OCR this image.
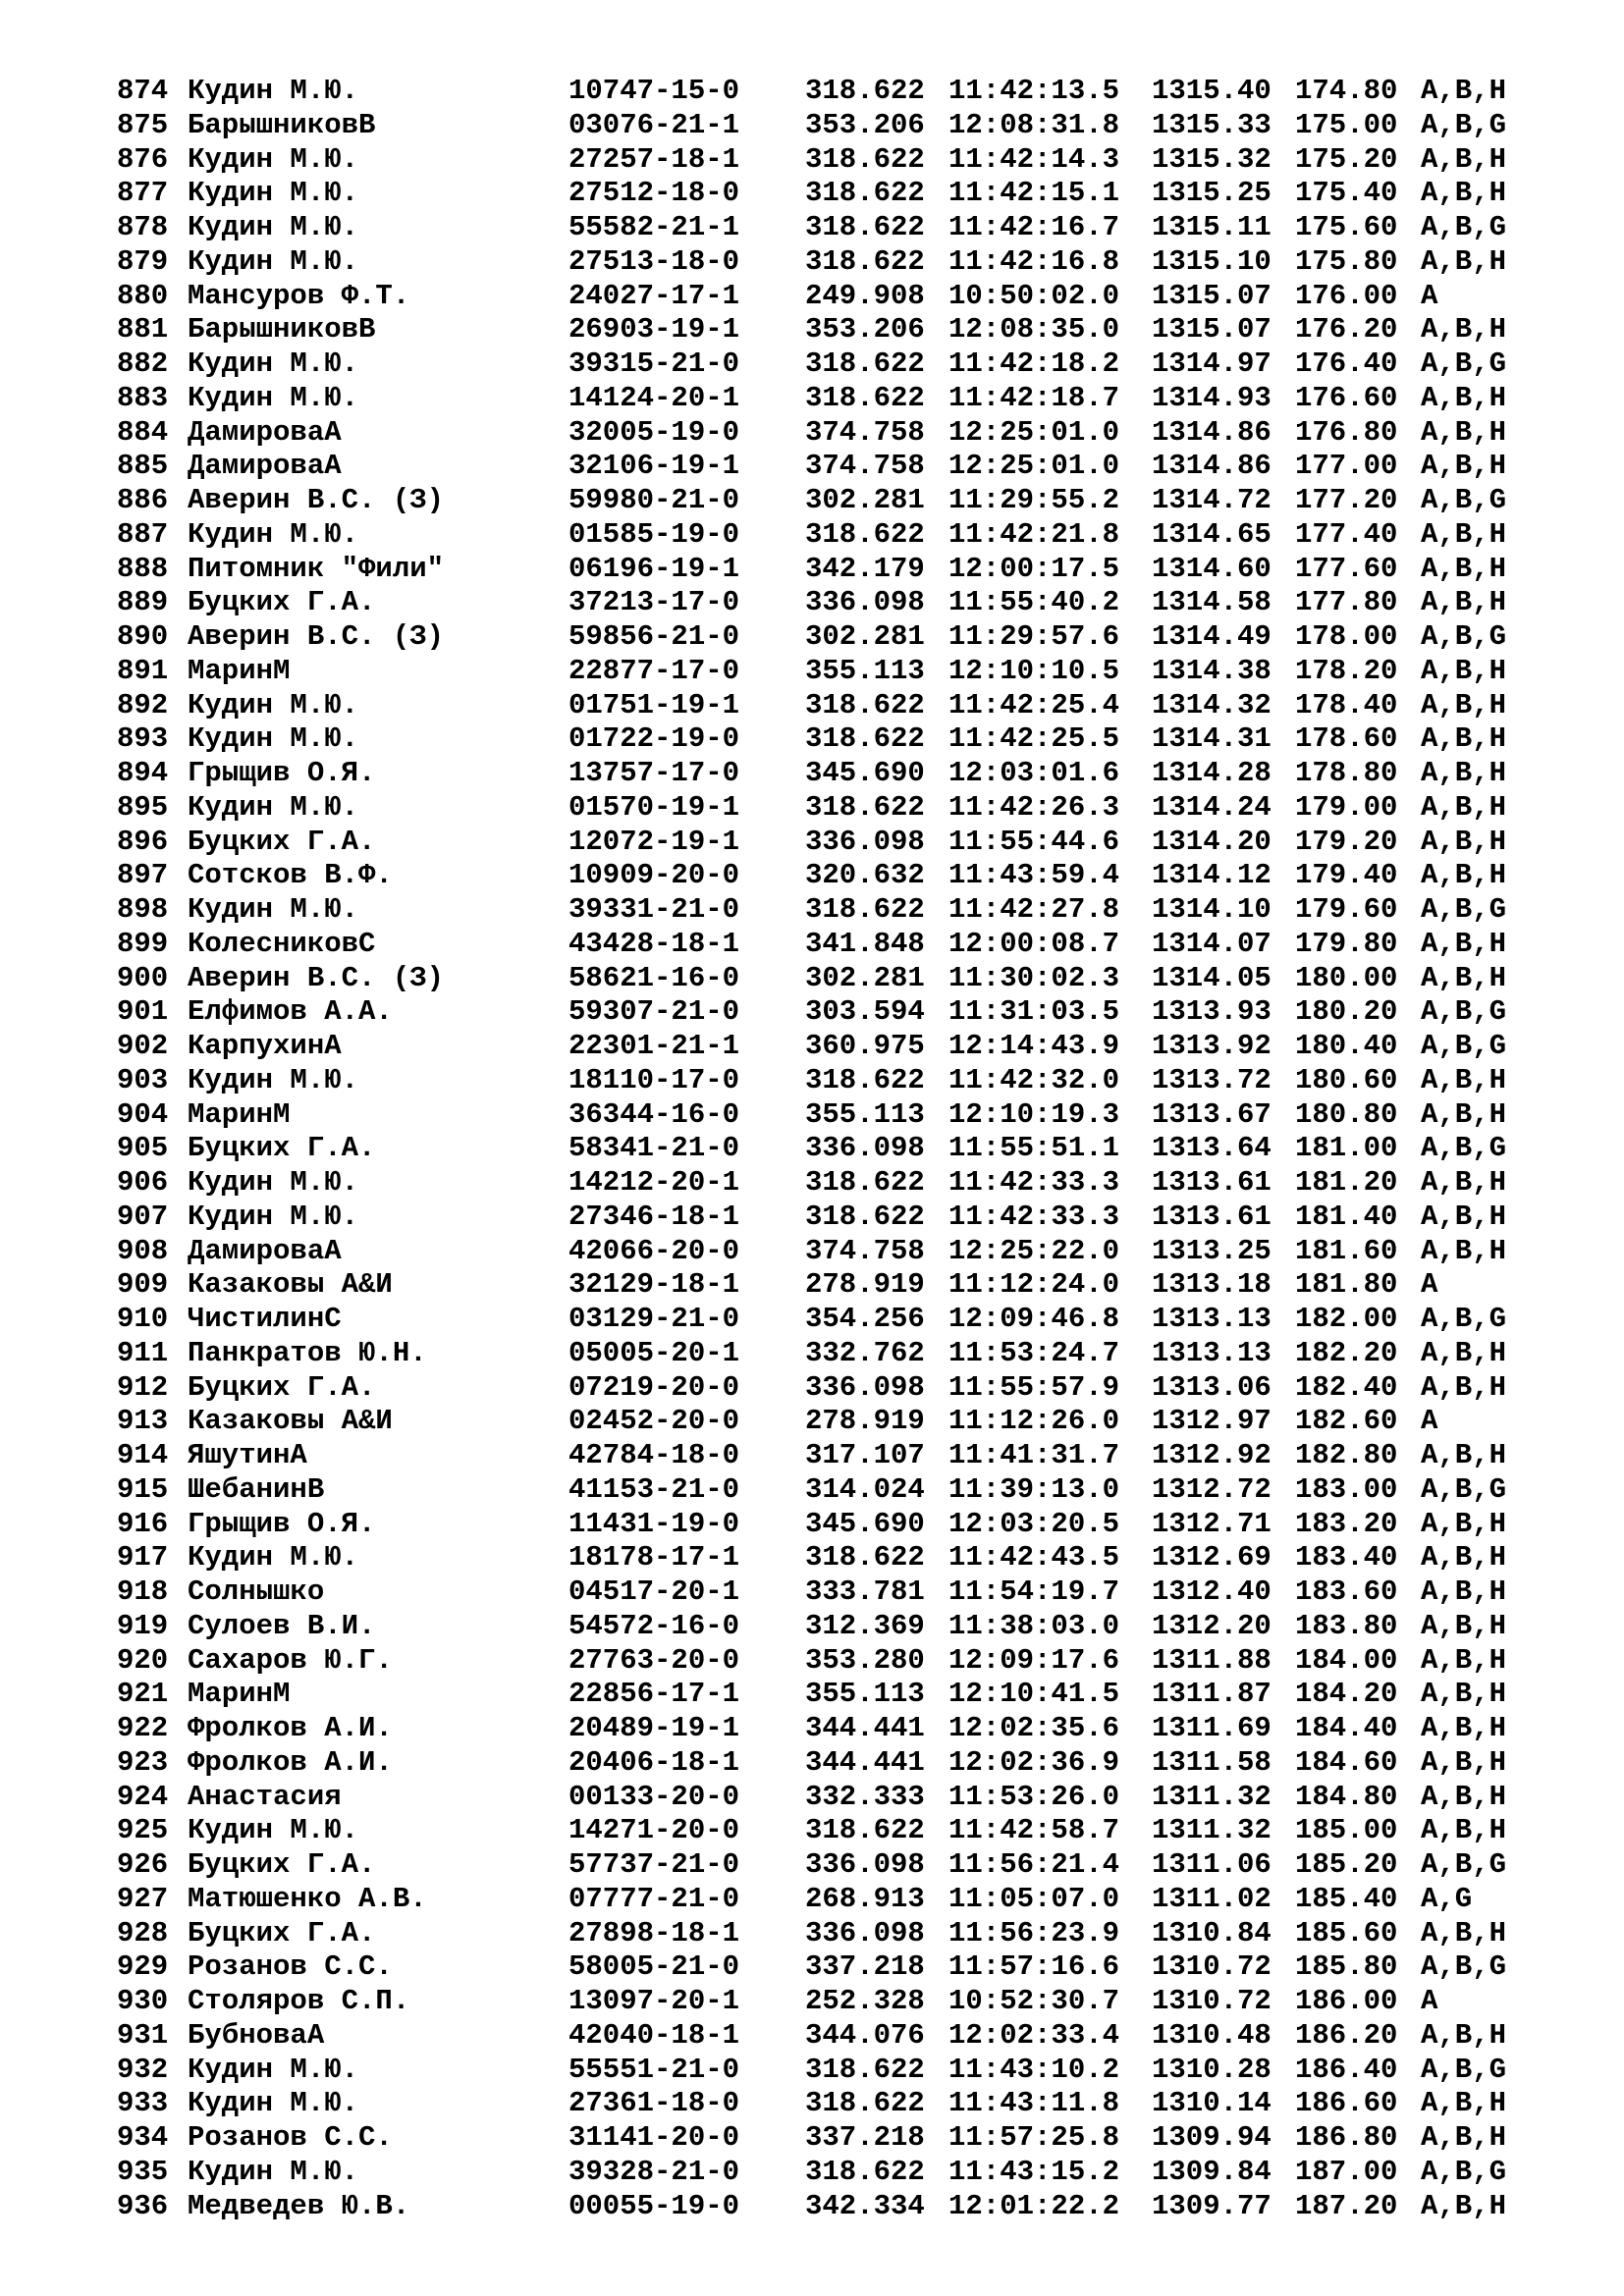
874 Кудин М.Ю.	10747-15-0	318.622 11:42:13.5	1315.40 174.80 A,B,H
875 БарышниковВ	03076-21-1	353.206 12:08:31.8	1315.33 175.00 A,B,G
876 Кудин М.Ю.	27257-18-1	318.622 11:42:14.3	1315.32 175.20 A,B,H
877 Кудин М.Ю.	27512-18-0	318.622 11:42:15.1	1315.25 175.40 A,B,H
878 Кудин М.Ю.	55582-21-1	318.622 11:42:16.7	1315.11 175.60 A,B,G
879 Кудин М.Ю.	27513-18-0	318.622 11:42:16.8	1315.10 175.80 A,B,H
880 Мансуров Ф.Т.	24027-17-1	249.908 10:50:02.0	1315.07 176.00 A
881 БарышниковВ	26903-19-1	353.206 12:08:35.0	1315.07 176.20 A,B,H
882 Кудин М.Ю.	39315-21-0	318.622 11:42:18.2	1314.97 176.40 A,B,G
883 Кудин М.Ю.	14124-20-1	318.622 11:42:18.7	1314.93 176.60 A,B,H
884 ДамироваА	32005-19-0	374.758 12:25:01.0	1314.86 176.80 A,B,H
885 ДамироваА	32106-19-1	374.758 12:25:01.0	1314.86 177.00 A,B,H
886 Аверин В.С. (З)	59980-21-0	302.281 11:29:55.2	1314.72 177.20 A,B,G
887 Кудин М.Ю.	01585-19-0	318.622 11:42:21.8	1314.65 177.40 A,B,H
888 Питомник "Фили"	06196-19-1	342.179 12:00:17.5	1314.60 177.60 A,B,H
889 Буцких Г.А.	37213-17-0	336.098 11:55:40.2	1314.58 177.80 A,B,H
890 Аверин В.С. (З)	59856-21-0	302.281 11:29:57.6	1314.49 178.00 A,B,G
891 МаринМ	22877-17-0	355.113 12:10:10.5	1314.38 178.20 A,B,H
892 Кудин М.Ю.	01751-19-1	318.622 11:42:25.4	1314.32 178.40 A,B,H
893 Кудин М.Ю.	01722-19-0	318.622 11:42:25.5	1314.31 178.60 A,B,H
894 Грыщив О.Я.	13757-17-0	345.690 12:03:01.6	1314.28 178.80 A,B,H
895 Кудин М.Ю.	01570-19-1	318.622 11:42:26.3	1314.24 179.00 A,B,H
896 Буцких Г.А.	12072-19-1	336.098 11:55:44.6	1314.20 179.20 A,B,H
897 Сотсков В.Ф.	10909-20-0	320.632 11:43:59.4	1314.12 179.40 A,B,H
898 Кудин М.Ю.	39331-21-0	318.622 11:42:27.8	1314.10 179.60 A,B,G
899 КолесниковС	43428-18-1	341.848 12:00:08.7	1314.07 179.80 A,B,H
900 Аверин В.С. (З)	58621-16-0	302.281 11:30:02.3	1314.05 180.00 A,B,H
901 Елфимов А.А.	59307-21-0	303.594 11:31:03.5	1313.93 180.20 A,B,G
902 КарпухинА	22301-21-1	360.975 12:14:43.9	1313.92 180.40 A,B,G
903 Кудин М.Ю.	18110-17-0	318.622 11:42:32.0	1313.72 180.60 A,B,H
904 МаринМ	36344-16-0	355.113 12:10:19.3	1313.67 180.80 A,B,H
905 Буцких Г.А.	58341-21-0	336.098 11:55:51.1	1313.64 181.00 A,B,G
906 Кудин М.Ю.	14212-20-1	318.622 11:42:33.3	1313.61 181.20 A,B,H
907 Кудин М.Ю.	27346-18-1	318.622 11:42:33.3	1313.61 181.40 A,B,H
908 ДамироваА	42066-20-0	374.758 12:25:22.0	1313.25 181.60 A,B,H
909 Казаковы А&И	32129-18-1	278.919 11:12:24.0	1313.18 181.80 A
910 ЧистилинС	03129-21-0	354.256 12:09:46.8	1313.13 182.00 A,B,G
911 Панкратов Ю.Н.	05005-20-1	332.762 11:53:24.7	1313.13 182.20 A,B,H
912 Буцких Г.А.	07219-20-0	336.098 11:55:57.9	1313.06 182.40 A,B,H
913 Казаковы А&И	02452-20-0	278.919 11:12:26.0	1312.97 182.60 A
914 ЯшутинА	42784-18-0	317.107 11:41:31.7	1312.92 182.80 A,B,H
915 ШебанинВ	41153-21-0	314.024 11:39:13.0	1312.72 183.00 A,B,G
916 Грыщив О.Я.	11431-19-0	345.690 12:03:20.5	1312.71 183.20 A,B,H
917 Кудин М.Ю.	18178-17-1	318.622 11:42:43.5	1312.69 183.40 A,B,H
918 Солнышко	04517-20-1	333.781 11:54:19.7	1312.40 183.60 A,B,H
919 Сулоев В.И.	54572-16-0	312.369 11:38:03.0	1312.20 183.80 A,B,H
920 Сахаров Ю.Г.	27763-20-0	353.280 12:09:17.6	1311.88 184.00 A,B,H
921 МаринМ	22856-17-1	355.113 12:10:41.5	1311.87 184.20 A,B,H
922 Фролков А.И.	20489-19-1	344.441 12:02:35.6	1311.69 184.40 A,B,H
923 Фролков А.И.	20406-18-1	344.441 12:02:36.9	1311.58 184.60 A,B,H
924 Анастасия	00133-20-0	332.333 11:53:26.0	1311.32 184.80 A,B,H
925 Кудин М.Ю.	14271-20-0	318.622 11:42:58.7	1311.32 185.00 A,B,H
926 Буцких Г.А.	57737-21-0	336.098 11:56:21.4	1311.06 185.20 A,B,G
927 Матюшенко А.В.	07777-21-0	268.913 11:05:07.0	1311.02 185.40 A,G
928 Буцких Г.А.	27898-18-1	336.098 11:56:23.9	1310.84 185.60 A,B,H
929 Розанов С.С.	58005-21-0	337.218 11:57:16.6	1310.72 185.80 A,B,G
930 Столяров С.П.	13097-20-1	252.328 10:52:30.7	1310.72 186.00 A
931 БубноваА	42040-18-1	344.076 12:02:33.4	1310.48 186.20 A,B,H
932 Кудин М.Ю.	55551-21-0	318.622 11:43:10.2	1310.28 186.40 A,B,G
933 Кудин М.Ю.	27361-18-0	318.622 11:43:11.8	1310.14 186.60 A,B,H
934 Розанов С.С.	31141-20-0	337.218 11:57:25.8	1309.94 186.80 A,B,H
935 Кудин М.Ю.	39328-21-0	318.622 11:43:15.2	1309.84 187.00 A,B,G
936 Медведев Ю.В.	00055-19-0	342.334 12:01:22.2	1309.77 187.20 A,B,H
